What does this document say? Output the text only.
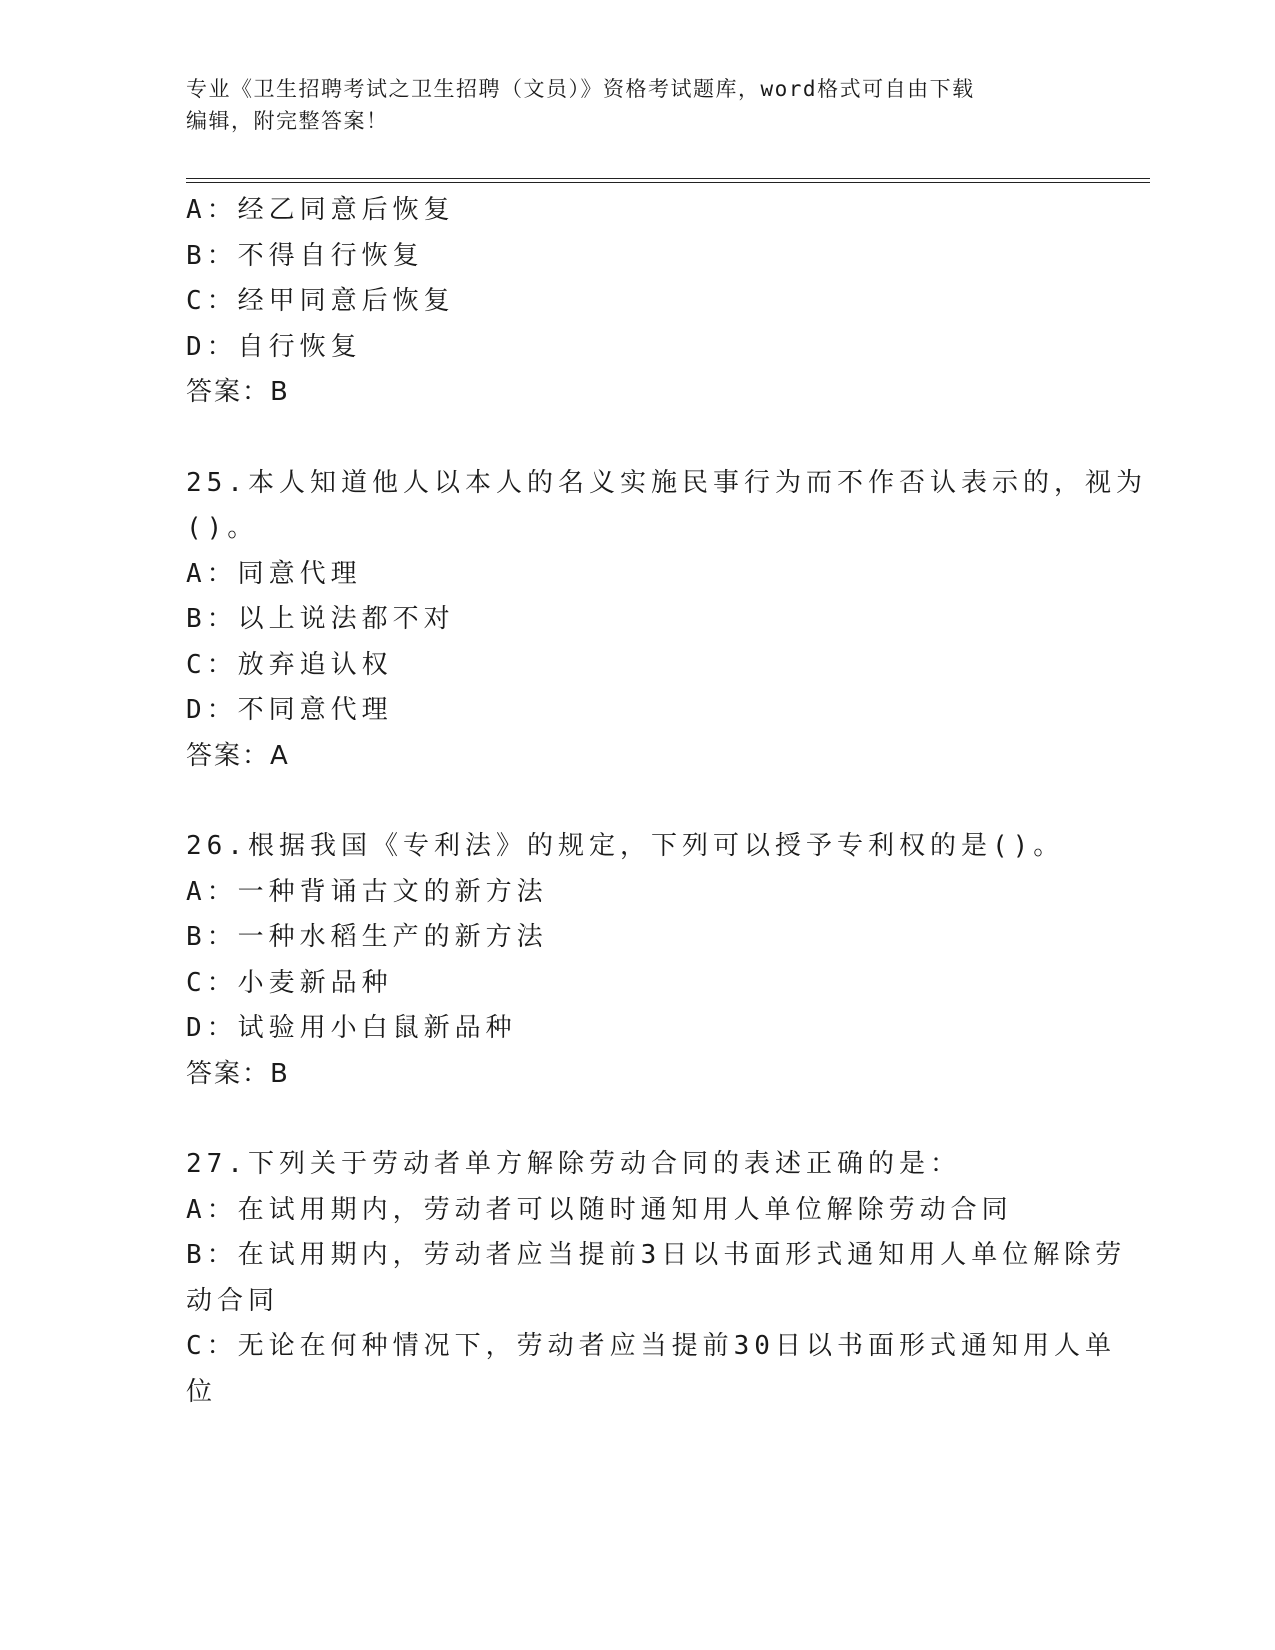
专业《卫生招聘考试之卫生招聘（文员）》资格考试题库，word格式可自由下载
编辑，附完整答案！
A：经乙同意后恢复
B：不得自行恢复
C：经甲同意后恢复
D：自行恢复
答案：B
25.本人知道他人以本人的名义实施民事行为而不作否认表示的，视为
()。
A：同意代理
B：以上说法都不对
C：放弃追认权
D：不同意代理
答案：A
26.根据我国《专利法》的规定，下列可以授予专利权的是()。
A：一种背诵古文的新方法
B：一种水稻生产的新方法
C：小麦新品种
D：试验用小白鼠新品种
答案：B
27.下列关于劳动者单方解除劳动合同的表述正确的是：
A：在试用期内，劳动者可以随时通知用人单位解除劳动合同
B：在试用期内，劳动者应当提前3日以书面形式通知用人单位解除劳
动合同
C：无论在何种情况下，劳动者应当提前30日以书面形式通知用人单
位
